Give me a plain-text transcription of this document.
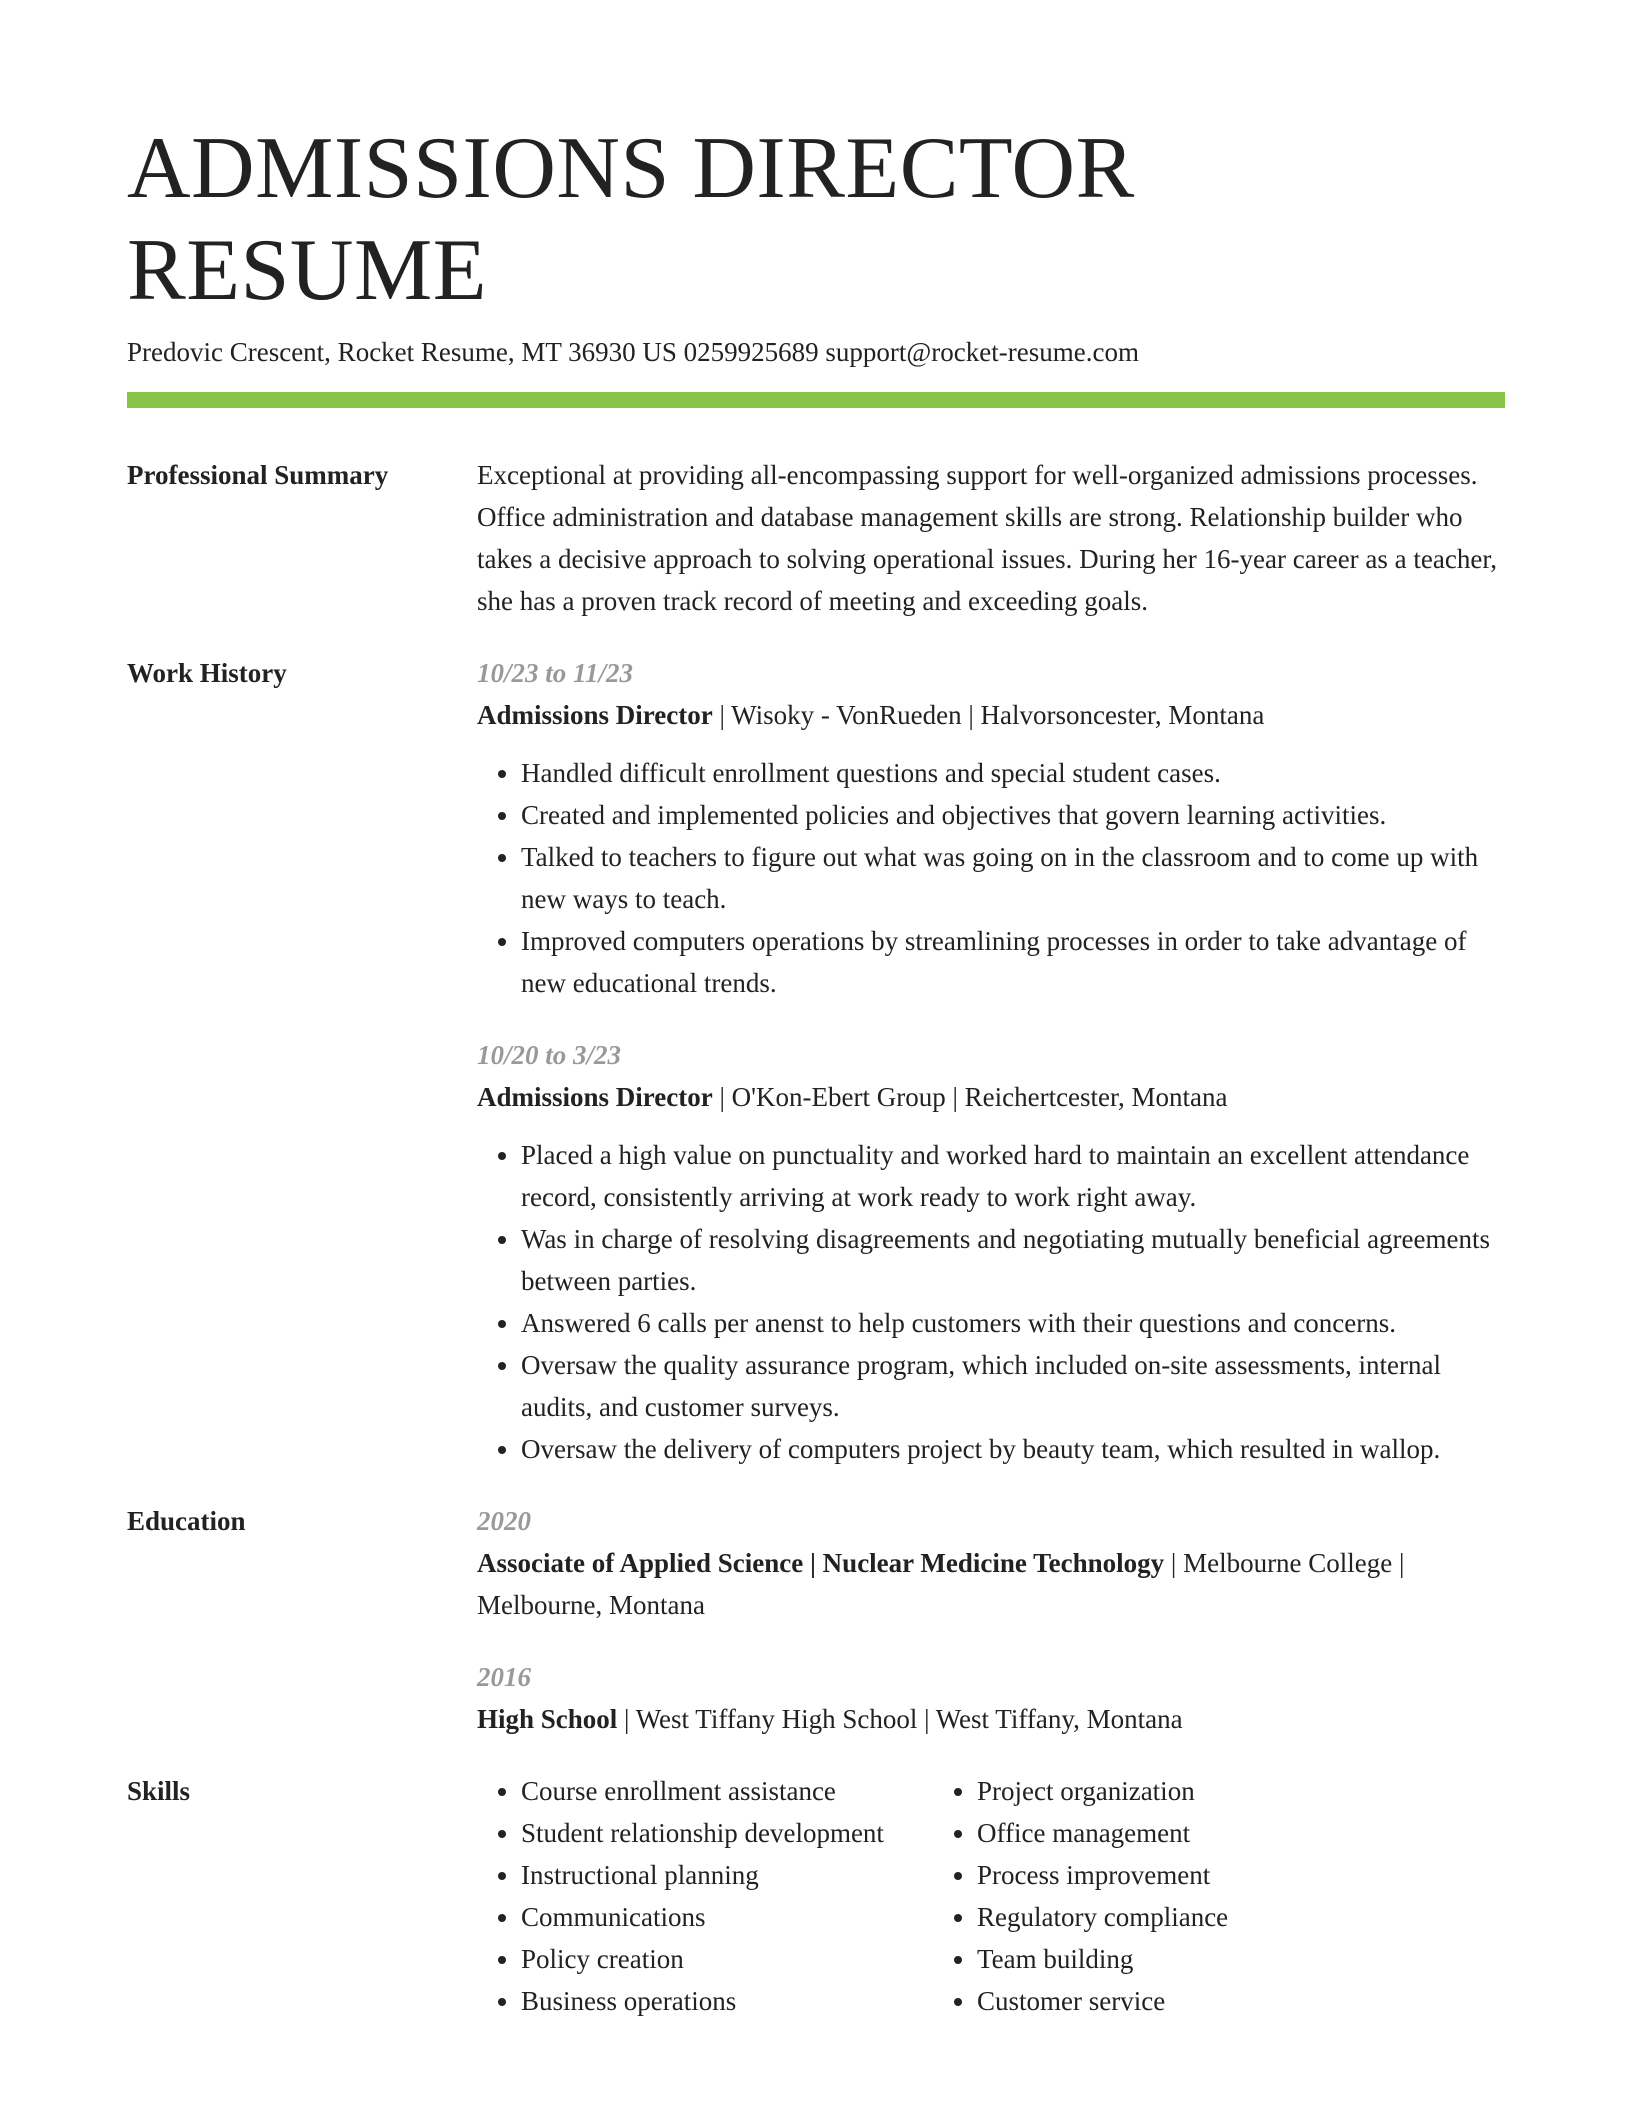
ADMISSIONS DIRECTOR RESUME
Predovic Crescent, Rocket Resume, MT 36930 US 0259925689 support@rocket-resume.com
Professional Summary	Exceptional at providing all-encompassing support for well-organized admissions processes. Office administration and database management skills are strong. Relationship builder who takes a decisive approach to solving operational issues. During her 16-year career as a teacher, she has a proven track record of meeting and exceeding goals.

Work History	10/23 to 11/23
Admissions Director | Wisoky - VonRueden | Halvorsoncester, Montana
• Handled difficult enrollment questions and special student cases.
• Created and implemented policies and objectives that govern learning activities.
• Talked to teachers to figure out what was going on in the classroom and to come up with new ways to teach.
• Improved computers operations by streamlining processes in order to take advantage of new educational trends.
10/20 to 3/23
Admissions Director | O'Kon-Ebert Group | Reichertcester, Montana
• Placed a high value on punctuality and worked hard to maintain an excellent attendance record, consistently arriving at work ready to work right away.
• Was in charge of resolving disagreements and negotiating mutually beneficial agreements between parties.
• Answered 6 calls per anenst to help customers with their questions and concerns.
• Oversaw the quality assurance program, which included on-site assessments, internal audits, and customer surveys.
• Oversaw the delivery of computers project by beauty team, which resulted in wallop.
Education	2020
Associate of Applied Science | Nuclear Medicine Technology | Melbourne College | Melbourne, Montana
2016
High School | West Tiffany High School | West Tiffany, Montana
Skills
•	Course enrollment assistance
• Student relationship development
• Instructional planning
• Communications
• Policy creation
• Business operations
• Project organization
• Office management
• Process improvement
• Regulatory compliance
• Team building
• Customer service
